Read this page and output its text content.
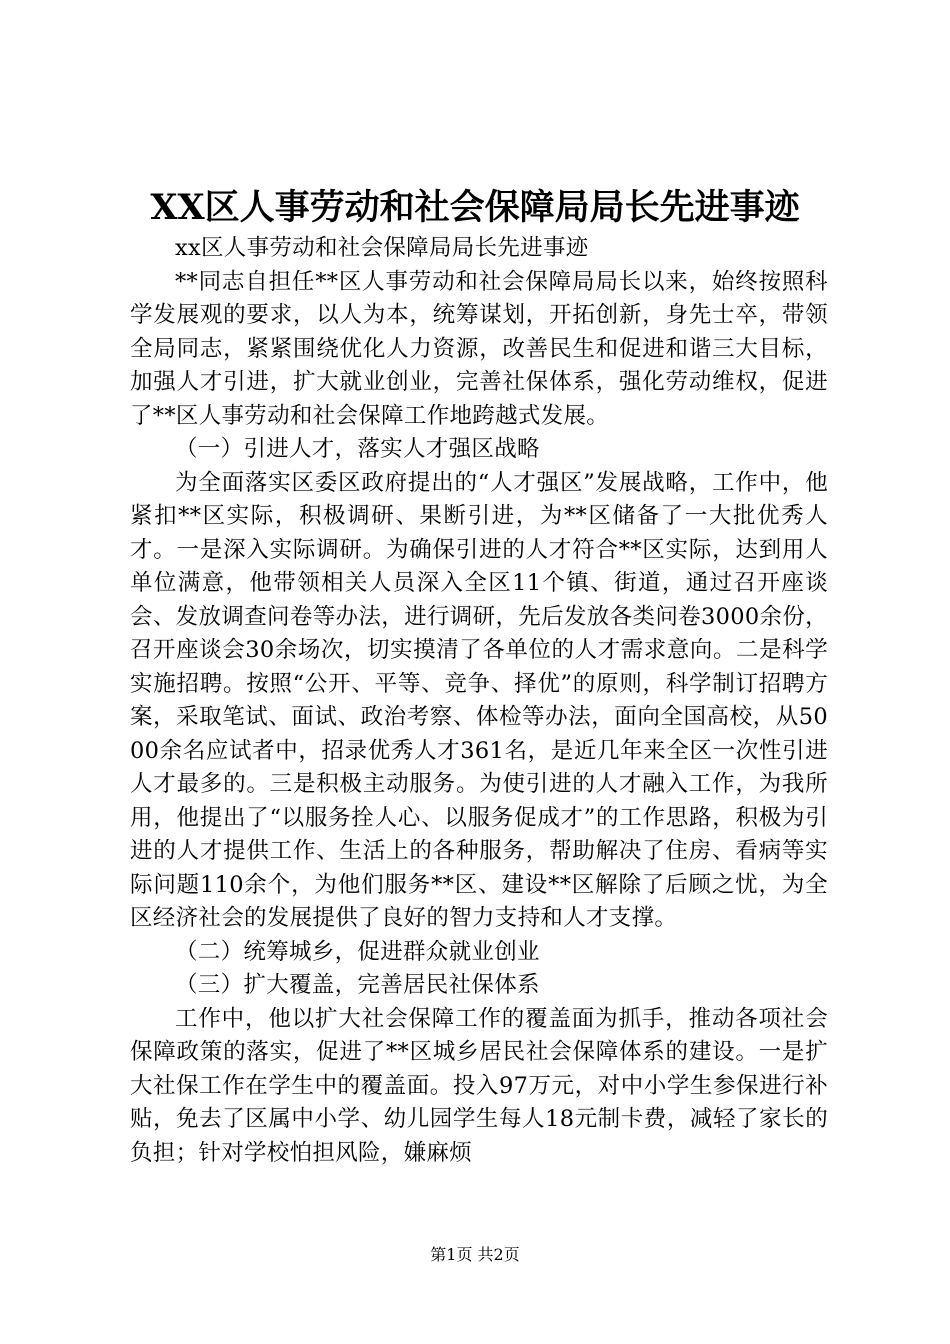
XX区人事劳动和社会保障局局长先进事迹

xx区人事劳动和社会保障局局长先进事迹

**同志自担任**区人事劳动和社会保障局局长以来，始终按照科学发展观的要求，以人为本，统筹谋划，开拓创新，身先士卒，带领全局同志，紧紧围绕优化人力资源，改善民生和促进和谐三大目标，加强人才引进，扩大就业创业，完善社保体系，强化劳动维权，促进了**区人事劳动和社会保障工作地跨越式发展。

（一）引进人才，落实人才强区战略

为全面落实区委区政府提出的“人才强区”发展战略，工作中，他紧扣**区实际，积极调研、果断引进，为**区储备了一大批优秀人才。一是深入实际调研。为确保引进的人才符合**区实际，达到用人单位满意，他带领相关人员深入全区11个镇、街道，通过召开座谈会、发放调查问卷等办法，进行调研，先后发放各类问卷3000余份，召开座谈会30余场次，切实摸清了各单位的人才需求意向。二是科学实施招聘。按照“公开、平等、竞争、择优”的原则，科学制订招聘方案，采取笔试、面试、政治考察、体检等办法，面向全国高校，从5000余名应试者中，招录优秀人才361名，是近几年来全区一次性引进人才最多的。三是积极主动服务。为使引进的人才融入工作，为我所用，他提出了“以服务拴人心、以服务促成才”的工作思路，积极为引进的人才提供工作、生活上的各种服务，帮助解决了住房、看病等实际问题110余个，为他们服务**区、建设**区解除了后顾之忧，为全区经济社会的发展提供了良好的智力支持和人才支撑。

（二）统筹城乡，促进群众就业创业

（三）扩大覆盖，完善居民社保体系

工作中，他以扩大社会保障工作的覆盖面为抓手，推动各项社会保障政策的落实，促进了**区城乡居民社会保障体系的建设。一是扩大社保工作在学生中的覆盖面。投入97万元，对中小学生参保进行补贴，免去了区属中小学、幼儿园学生每人18元制卡费，减轻了家长的负担；针对学校怕担风险，嫌麻烦

第1页 共2页
